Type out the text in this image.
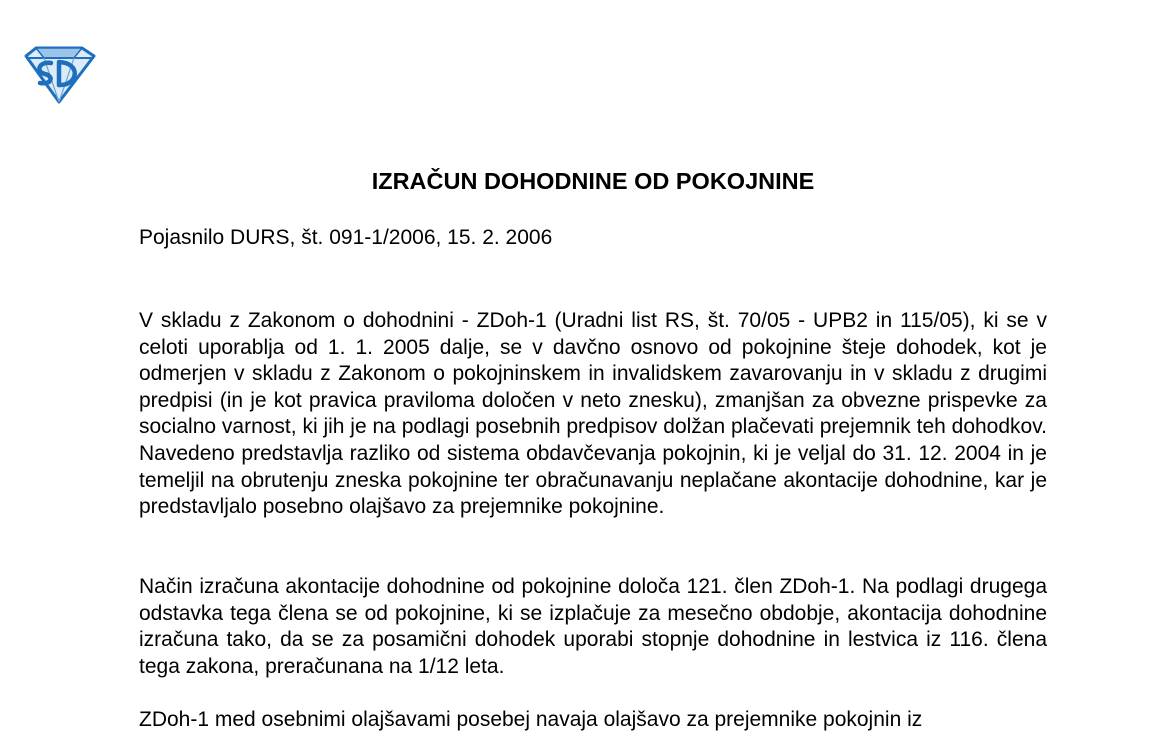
IZRAČUN DOHODNINE OD POKOJNINE

Pojasnilo DURS, št. 091-1/2006, 15. 2. 2006

V skladu z Zakonom o dohodnini - ZDoh-1 (Uradni list RS, št. 70/05 - UPB2 in 115/05), ki se v celoti uporablja od 1. 1. 2005 dalje, se v davčno osnovo od pokojnine šteje dohodek, kot je odmerjen v skladu z Zakonom o pokojninskem in invalidskem zavarovanju in v skladu z drugimi predpisi (in je kot pravica praviloma določen v neto znesku), zmanjšan za obvezne prispevke za socialno varnost, ki jih je na podlagi posebnih predpisov dolžan plačevati prejemnik teh dohodkov. Navedeno predstavlja razliko od sistema obdavčevanja pokojnin, ki je veljal do 31. 12. 2004 in je temeljil na obrutenju zneska pokojnine ter obračunavanju neplačane akontacije dohodnine, kar je predstavljalo posebno olajšavo za prejemnike pokojnine.

Način izračuna akontacije dohodnine od pokojnine določa 121. člen ZDoh-1. Na podlagi drugega odstavka tega člena se od pokojnine, ki se izplačuje za mesečno obdobje, akontacija dohodnine izračuna tako, da se za posamični dohodek uporabi stopnje dohodnine in lestvica iz 116. člena tega zakona, preračunana na 1/12 leta.

ZDoh-1 med osebnimi olajšavami posebej navaja olajšavo za prejemnike pokojnin iz
